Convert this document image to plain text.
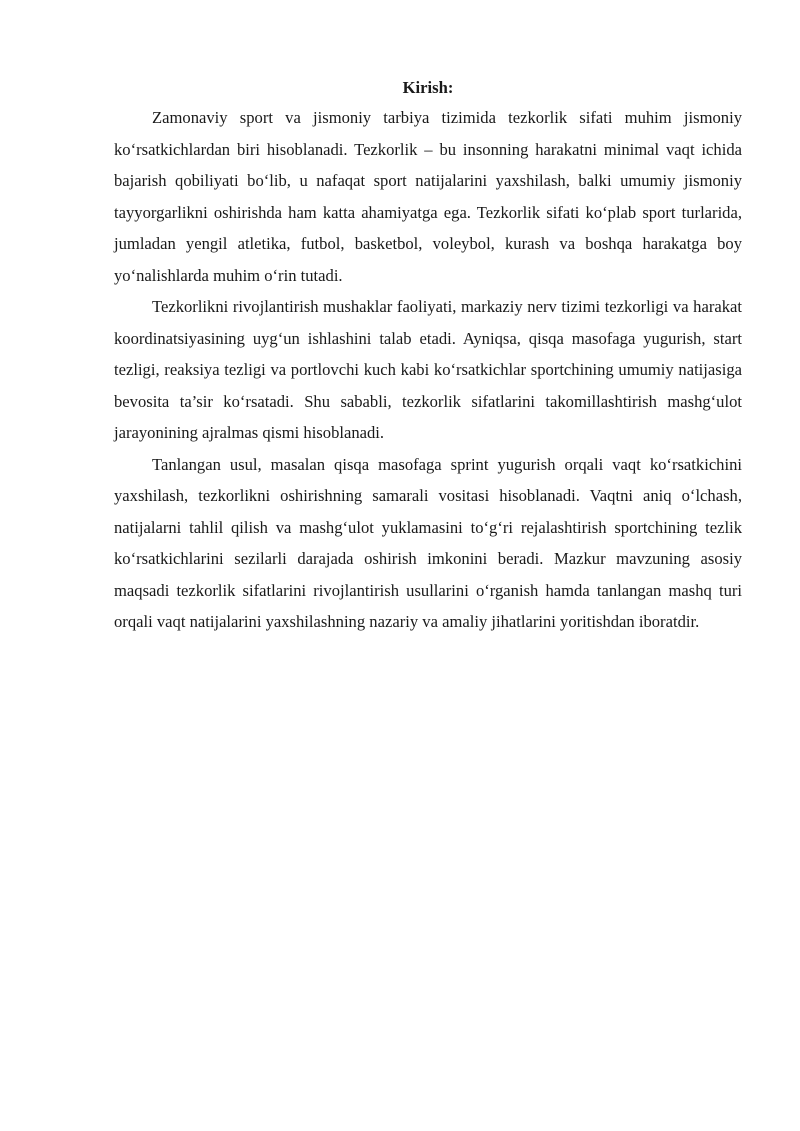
Kirish:

Zamonaviy sport va jismoniy tarbiya tizimida tezkorlik sifati muhim jismoniy ko‘rsatkichlardan biri hisoblanadi. Tezkorlik – bu insonning harakatni minimal vaqt ichida bajarish qobiliyati bo‘lib, u nafaqat sport natijalarini yaxshilash, balki umumiy jismoniy tayyorgarlikni oshirishda ham katta ahamiyatga ega. Tezkorlik sifati ko‘plab sport turlarida, jumladan yengil atletika, futbol, basketbol, voleybol, kurash va boshqa harakatga boy yo‘nalishlarda muhim o‘rin tutadi.

Tezkorlikni rivojlantirish mushaklar faoliyati, markaziy nerv tizimi tezkorligi va harakat koordinatsiyasining uyg‘un ishlashini talab etadi. Ayniqsa, qisqa masofaga yugurish, start tezligi, reaksiya tezligi va portlovchi kuch kabi ko‘rsatkichlar sportchining umumiy natijasiga bevosita ta’sir ko‘rsatadi. Shu sababli, tezkorlik sifatlarini takomillashtirish mashg‘ulot jarayonining ajralmas qismi hisoblanadi.

Tanlangan usul, masalan qisqa masofaga sprint yugurish orqali vaqt ko‘rsatkichini yaxshilash, tezkorlikni oshirishning samarali vositasi hisoblanadi. Vaqtni aniq o‘lchash, natijalarni tahlil qilish va mashg‘ulot yuklamasini to‘g‘ri rejalashtirish sportchining tezlik ko‘rsatkichlarini sezilarli darajada oshirish imkonini beradi. Mazkur mavzuning asosiy maqsadi tezkorlik sifatlarini rivojlantirish usullarini o‘rganish hamda tanlangan mashq turi orqali vaqt natijalarini yaxshilashning nazariy va amaliy jihatlarini yoritishdan iboratdir.
